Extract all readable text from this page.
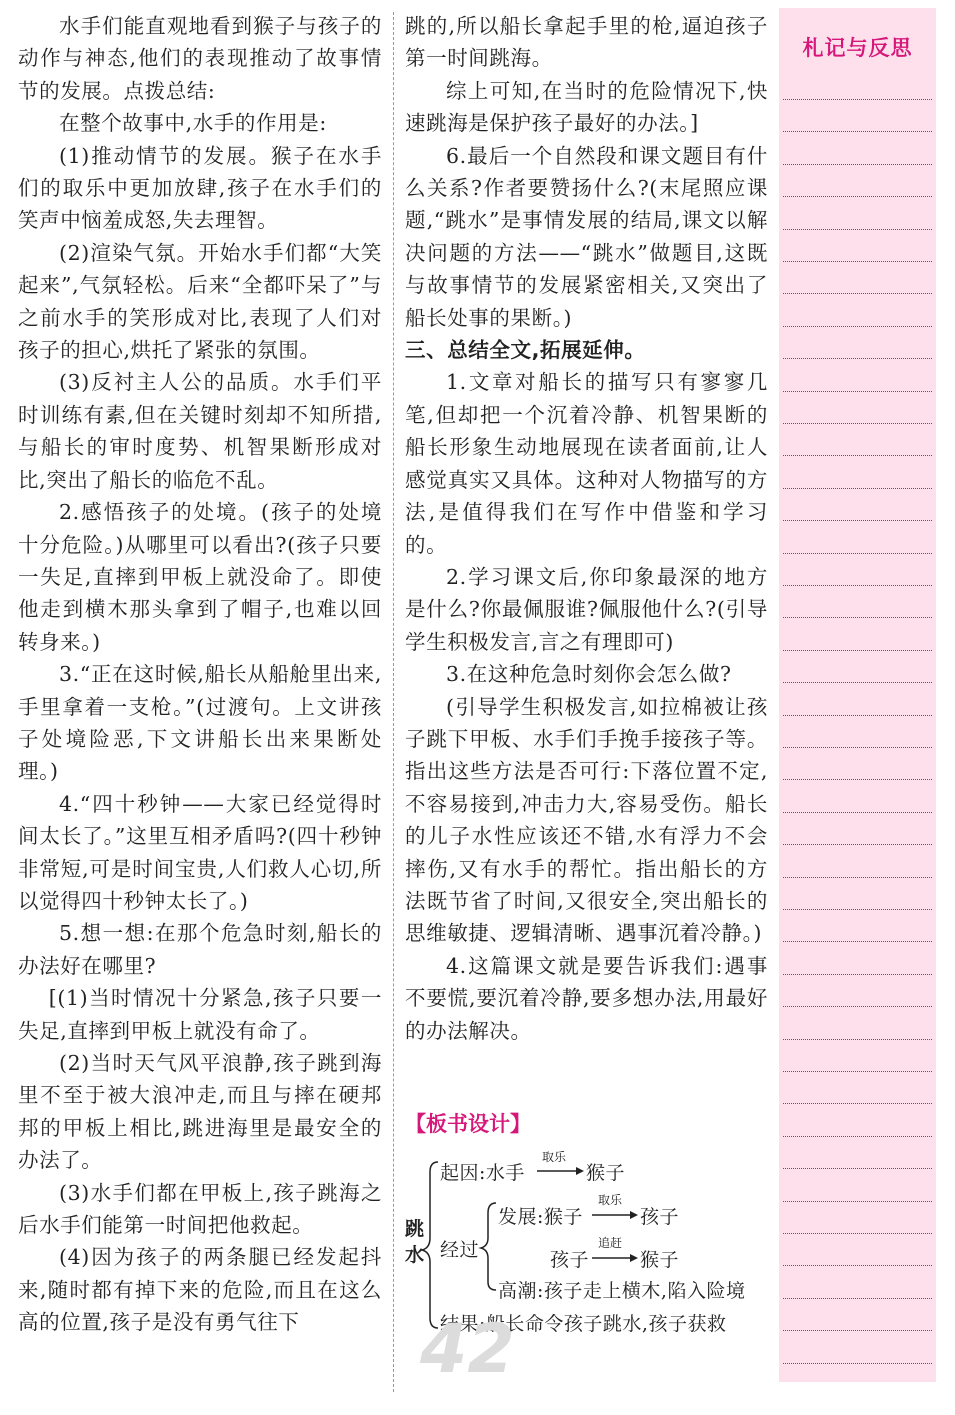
水手们能直观地看到猴子与孩子的动作与神态,他们的表现推动了故事情节的发展。点拨总结:

在整个故事中,水手的作用是:

(1)推动情节的发展。猴子在水手们的取乐中更加放肆,孩子在水手们的笑声中恼羞成怒,失去理智。

(2)渲染气氛。开始水手们都“大笑起来”,气氛轻松。后来“全都吓呆了”与之前水手的笑形成对比,表现了人们对孩子的担心,烘托了紧张的氛围。

(3)反衬主人公的品质。水手们平时训练有素,但在关键时刻却不知所措,与船长的审时度势、机智果断形成对比,突出了船长的临危不乱。

2.感悟孩子的处境。(孩子的处境十分危险。)从哪里可以看出?(孩子只要一失足,直摔到甲板上就没命了。即使他走到横木那头拿到了帽子,也难以回转身来。)

3.“正在这时候,船长从船舱里出来,手里拿着一支枪。”(过渡句。上文讲孩子处境险恶,下文讲船长出来果断处理。)

4.“四十秒钟——大家已经觉得时间太长了。”这里互相矛盾吗?(四十秒钟非常短,可是时间宝贵,人们救人心切,所以觉得四十秒钟太长了。)

5.想一想:在那个危急时刻,船长的办法好在哪里?

[(1)当时情况十分紧急,孩子只要一失足,直摔到甲板上就没有命了。

(2)当时天气风平浪静,孩子跳到海里不至于被大浪冲走,而且与摔在硬邦邦的甲板上相比,跳进海里是最安全的办法了。

(3)水手们都在甲板上,孩子跳海之后水手们能第一时间把他救起。

(4)因为孩子的两条腿已经发起抖来,随时都有掉下来的危险,而且在这么高的位置,孩子是没有勇气往下

跳的,所以船长拿起手里的枪,逼迫孩子第一时间跳海。

综上可知,在当时的危险情况下,快速跳海是保护孩子最好的办法。]

6.最后一个自然段和课文题目有什么关系?作者要赞扬什么?(末尾照应课题,“跳水”是事情发展的结局,课文以解决问题的方法——“跳水”做题目,这既与故事情节的发展紧密相关,又突出了船长处事的果断。)

三、总结全文,拓展延伸。

1.文章对船长的描写只有寥寥几笔,但却把一个沉着冷静、机智果断的船长形象生动地展现在读者面前,让人感觉真实又具体。这种对人物描写的方法,是值得我们在写作中借鉴和学习的。

2.学习课文后,你印象最深的地方是什么?你最佩服谁?佩服他什么?(引导学生积极发言,言之有理即可)

3.在这种危急时刻你会怎么做?

(引导学生积极发言,如拉棉被让孩子跳下甲板、水手们手挽手接孩子等。指出这些方法是否可行:下落位置不定,不容易接到,冲击力大,容易受伤。船长的儿子水性应该还不错,水有浮力不会摔伤,又有水手的帮忙。指出船长的方法既节省了时间,又很安全,突出船长的思维敏捷、逻辑清晰、遇事沉着冷静。)

4.这篇课文就是要告诉我们:遇事不要慌,要沉着冷静,要多想办法,用最好的办法解决。

札记与反思
【板书设计】
跳水
起因:水手
取乐
猴子
经过
发展:猴子
取乐
孩子
孩子
追赶
猴子
高潮:孩子走上横木,陷入险境
结果:船长命令孩子跳水,孩子获救
42
